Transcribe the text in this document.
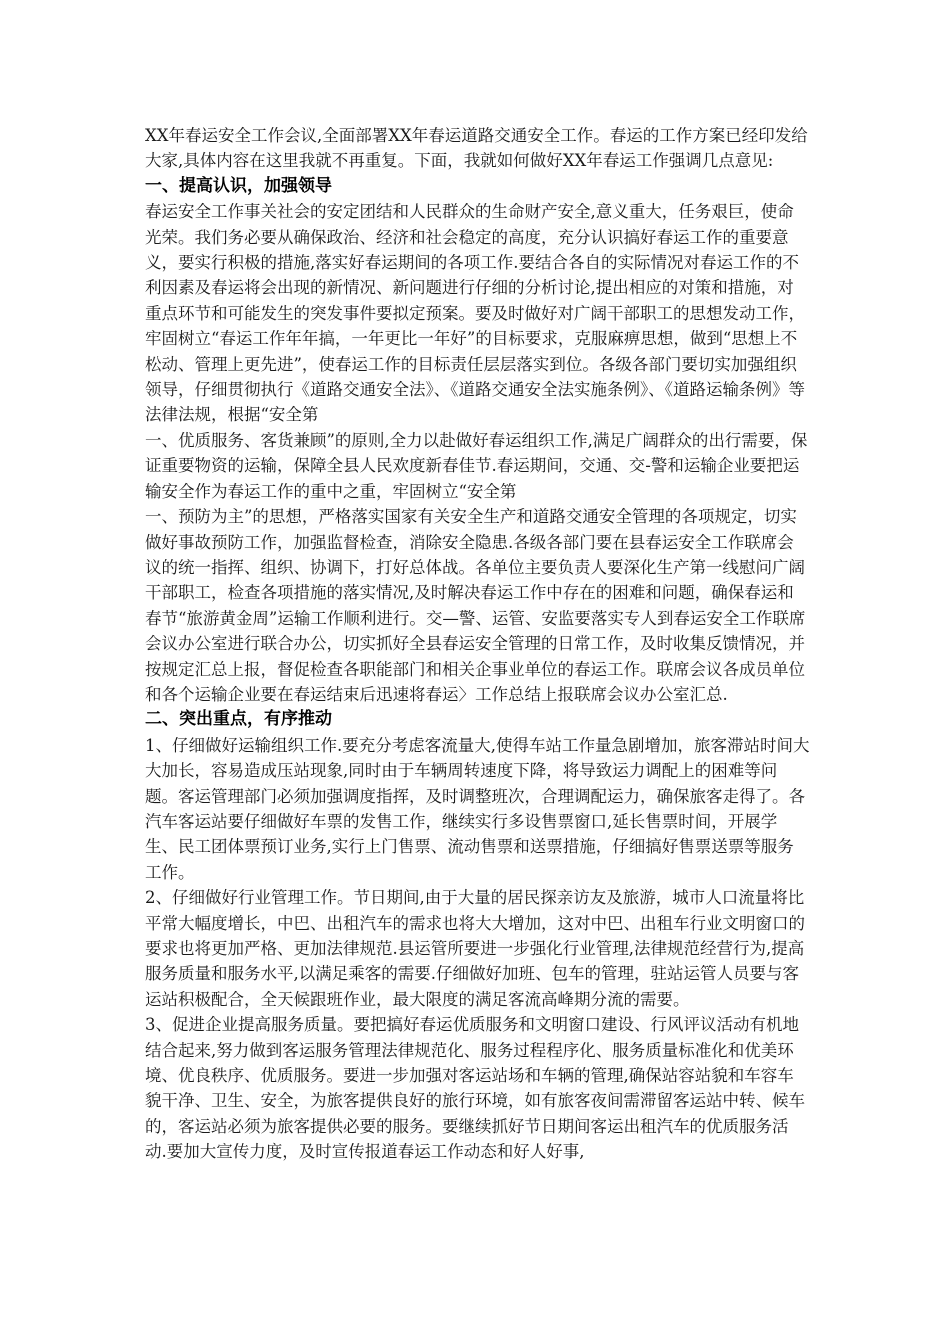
XX年春运安全工作会议,全面部署XX年春运道路交通安全工作。春运的工作方案已经印发给大家,具体内容在这里我就不再重复。下面，我就如何做好XX年春运工作强调几点意见:

一、提高认识，加强领导

春运安全工作事关社会的安定团结和人民群众的生命财产安全,意义重大，任务艰巨，使命光荣。我们务必要从确保政治、经济和社会稳定的高度，充分认识搞好春运工作的重要意义，要实行积极的措施,落实好春运期间的各项工作.要结合各自的实际情况对春运工作的不利因素及春运将会出现的新情况、新问题进行仔细的分析讨论,提出相应的对策和措施，对重点环节和可能发生的突发事件要拟定预案。要及时做好对广阔干部职工的思想发动工作，牢固树立“春运工作年年搞，一年更比一年好”的目标要求，克服麻痹思想，做到“思想上不松动、管理上更先进”，使春运工作的目标责任层层落实到位。各级各部门要切实加强组织领导，仔细贯彻执行《道路交通安全法》、《道路交通安全法实施条例》、《道路运输条例》等法律法规，根据“安全第

一、优质服务、客货兼顾”的原则,全力以赴做好春运组织工作,满足广阔群众的出行需要，保证重要物资的运输，保障全县人民欢度新春佳节.春运期间，交通、交-警和运输企业要把运输安全作为春运工作的重中之重，牢固树立“安全第

一、预防为主”的思想，严格落实国家有关安全生产和道路交通安全管理的各项规定，切实做好事故预防工作，加强监督检查，消除安全隐患.各级各部门要在县春运安全工作联席会议的统一指挥、组织、协调下，打好总体战。各单位主要负责人要深化生产第一线慰问广阔干部职工，检查各项措施的落实情况,及时解决春运工作中存在的困难和问题，确保春运和春节“旅游黄金周”运输工作顺利进行。交—警、运管、安监要落实专人到春运安全工作联席会议办公室进行联合办公，切实抓好全县春运安全管理的日常工作，及时收集反馈情况，并按规定汇总上报，督促检查各职能部门和相关企事业单位的春运工作。联席会议各成员单位和各个运输企业要在春运结束后迅速将春运〉工作总结上报联席会议办公室汇总.

二、突出重点，有序推动

1、仔细做好运输组织工作.要充分考虑客流量大,使得车站工作量急剧增加，旅客滞站时间大大加长，容易造成压站现象,同时由于车辆周转速度下降，将导致运力调配上的困难等问题。客运管理部门必须加强调度指挥，及时调整班次，合理调配运力，确保旅客走得了。各汽车客运站要仔细做好车票的发售工作，继续实行多设售票窗口,延长售票时间，开展学生、民工团体票预订业务,实行上门售票、流动售票和送票措施，仔细搞好售票送票等服务工作。

2、仔细做好行业管理工作。节日期间,由于大量的居民探亲访友及旅游，城市人口流量将比平常大幅度增长，中巴、出租汽车的需求也将大大增加，这对中巴、出租车行业文明窗口的要求也将更加严格、更加法律规范.县运管所要进一步强化行业管理,法律规范经营行为,提高服务质量和服务水平,以满足乘客的需要.仔细做好加班、包车的管理，驻站运管人员要与客运站积极配合，全天候跟班作业，最大限度的满足客流高峰期分流的需要。

3、促进企业提高服务质量。要把搞好春运优质服务和文明窗口建设、行风评议活动有机地结合起来,努力做到客运服务管理法律规范化、服务过程程序化、服务质量标准化和优美环境、优良秩序、优质服务。要进一步加强对客运站场和车辆的管理,确保站容站貌和车容车貌干净、卫生、安全，为旅客提供良好的旅行环境，如有旅客夜间需滞留客运站中转、候车的，客运站必须为旅客提供必要的服务。要继续抓好节日期间客运出租汽车的优质服务活动.要加大宣传力度，及时宣传报道春运工作动态和好人好事,
